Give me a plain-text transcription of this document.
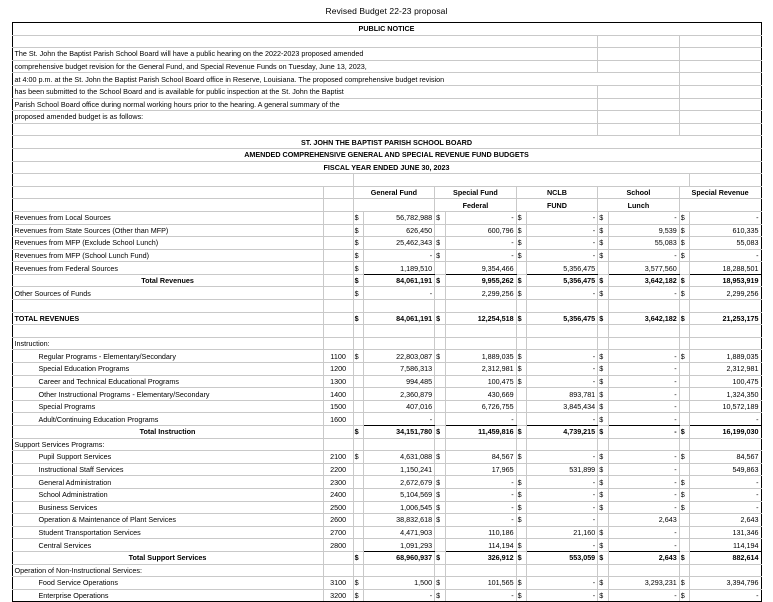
Revised Budget 22-23 proposal
PUBLIC NOTICE											

The St. John the Baptist Parish School Board will have a public hearing on the 2022-2023 proposed amended											
comprehensive budget revision for the General Fund, and Special Revenue Funds on Tuesday, June 13, 2023,											
at 4:00 p.m. at the St. John the Baptist Parish School Board office in Reserve, Louisiana. The proposed comprehensive budget revision											
has been submitted to the School Board and is available for public inspection at the St. John the Baptist											
Parish School Board office during normal working hours prior to the hearing. A general summary of the											
proposed amended budget is as follows:											

ST. JOHN THE BAPTIST PARISH SCHOOL BOARD											
AMENDED COMPREHENSIVE GENERAL AND SPECIAL REVENUE FUND BUDGETS											
FISCAL YEAR ENDED JUNE 30, 2023											

		General Fund		Special Fund		NCLB		School		Special Revenue	
				Federal		FUND		Lunch			
Revenues from Local Sources		$	56,782,988	$	-	$	-	$	-	$	-
Revenues from State Sources (Other than MFP)		$	626,450		600,796	$	-	$	9,539	$	610,335
Revenues from MFP (Exclude School Lunch)		$	25,462,343	$	-	$	-	$	55,083	$	55,083
Revenues from MFP (School Lunch Fund)		$	-	$	-	$	-	$	-	$	-
Revenues from Federal Sources		$	1,189,510		9,354,466		5,356,475		3,577,560		18,288,501
Total Revenues		$	84,061,191	$	9,955,262	$	5,356,475	$	3,642,182	$	18,953,919
Other Sources of Funds		$	-		2,299,256	$	-	$	-	$	2,299,256

TOTAL REVENUES		$	84,061,191	$	12,254,518	$	5,356,475	$	3,642,182	$	21,253,175

Instruction:											
Regular Programs - Elementary/Secondary	1100	$	22,803,087	$	1,889,035	$	-	$	-	$	1,889,035
Special Education Programs	1200		7,586,313		2,312,981	$	-	$	-		2,312,981
Career and Technical Educational Programs	1300		994,485		100,475	$	-	$	-		100,475
Other Instructional Programs - Elementary/Secondary	1400		2,360,879		430,669		893,781	$	-		1,324,350
Special Programs	1500		407,016		6,726,755		3,845,434	$	-		10,572,189
Adult/Continuing Education Programs	1600		-		-		-	$	-		-
Total Instruction		$	34,151,780	$	11,459,816	$	4,739,215	$	-	$	16,199,030
Support Services Programs:											
Pupil Support Services	2100	$	4,631,088	$	84,567	$	-	$	-	$	84,567
Instructional Staff Services	2200		1,150,241		17,965		531,899	$	-		549,863
General Administration	2300		2,672,679	$	-	$	-	$	-	$	-
School Administration	2400		5,104,569	$	-	$	-	$	-	$	-
Business Services	2500		1,006,545	$	-	$	-	$	-	$	-
Operation & Maintenance of Plant Services	2600		38,832,618	$	-	$	-		2,643		2,643
Student Transportation Services	2700		4,471,903		110,186		21,160	$	-		131,346
Central Services	2800		1,091,293		114,194	$	-	$	-		114,194
Total Support Services		$	68,960,937	$	326,912	$	553,059	$	2,643	$	882,614
Operation of Non-Instructional Services:											
Food Service Operations	3100	$	1,500	$	101,565	$	-	$	3,293,231	$	3,394,796
Enterprise Operations	3200	$	-	$	-	$	-	$	-	$	-
